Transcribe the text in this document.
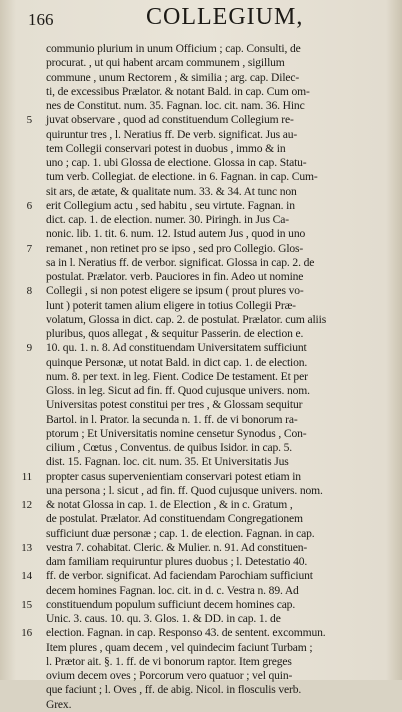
166	COLLEGIUM,
communio plurium in unum Officium ; cap. Consulti, de
procurat. , ut qui habent arcam communem , sigillum
commune , unum Rectorem , & similia ; arg. cap. Dilec-
ti, de excessibus Prælator. & notant Bald. in cap. Cum om-
nes de Constitut. num. 35. Fagnan. loc. cit. nam. 36. Hinc
5 juvat observare , quod ad constituendum Collegium re-
quiruntur tres , l. Neratius ff. De verb. significat. Jus au-
tem Collegii conservari potest in duobus , immo & in
uno ; cap. 1. ubi Glossa de electione. Glossa in cap. Statu-
tum verb. Collegiat. de electione. in 6. Fagnan. in cap. Cum-
sit ars, de ætate, & qualitate num. 33. & 34. At tunc non
6 erit Collegium actu , sed habitu , seu virtute. Fagnan. in
dict. cap. 1. de election. numer. 30. Piringh. in Jus Ca-
nonic. lib. 1. tit. 6. num. 12. Istud autem Jus , quod in uno
7 remanet , non retinet pro se ipso , sed pro Collegio. Glos-
sa in l. Neratius ff. de verbor. significat. Glossa in cap. 2. de
postulat. Prælator. verb. Pauciores in fin. Adeo ut nomine
8 Collegii , si non potest eligere se ipsum ( prout plures vo-
lunt ) poterit tamen alium eligere in totius Collegii Præ-
volatum, Glossa in dict. cap. 2. de postulat. Prælator. cum aliis
pluribus, quos allegat , & sequitur Passerin. de election e.
9 10. qu. 1. n. 8. Ad constituendam Universitatem sufficiunt
quinque Personæ, ut notat Bald. in dict cap. 1. de election.
num. 8. per text. in leg. Fient. Codice De testament. Et per
Gloss. in leg. Sicut ad fin. ff. Quod cujusque univers. nom.
Universitas potest constitui per tres , & Glossam sequitur
Bartol. in l. Prator. la secunda n. 1. ff. de vi bonorum ra-
ptorum ; Et Universitatis nomine censetur Synodus , Con-
cilium , Cœtus , Conventus. de quibus Isidor. in cap. 5.
dist. 15. Fagnan. loc. cit. num. 35. Et Universitatis Jus
11 propter casus supervenientiam conservari potest etiam in
una persona ; l. sicut , ad fin. ff. Quod cujusque univers. nom.
12 & notat Glossa in cap. 1. de Election , & in c. Gratum ,
de postulat. Prælator. Ad constituendam Congregationem
sufficiunt duæ personæ ; cap. 1. de election. Fagnan. in cap.
13 vestra 7. cohabitat. Cleric. & Mulier. n. 91. Ad constituen-
dam familiam requiruntur plures duobus ; l. Detestatio 40.
14 ff. de verbor. significat. Ad faciendam Parochiam sufficiunt
decem homines Fagnan. loc. cit. in d. c. Vestra n. 89. Ad
15 constituendum populum sufficiunt decem homines cap.
Unic. 3. caus. 10. qu. 3. Glos. 1. & DD. in cap. 1. de
16 election. Fagnan. in cap. Responso 43. de sentent. excommun.
Item plures , quam decem , vel quindecim faciunt Turbam ;
l. Prætor ait. §. 1. ff. de vi bonorum raptor. Item greges
ovium decem oves ; Porcorum vero quatuor ; vel quin-
que faciunt ; l. Oves , ff. de abig. Nicol. in flosculis verb.
Grex.
